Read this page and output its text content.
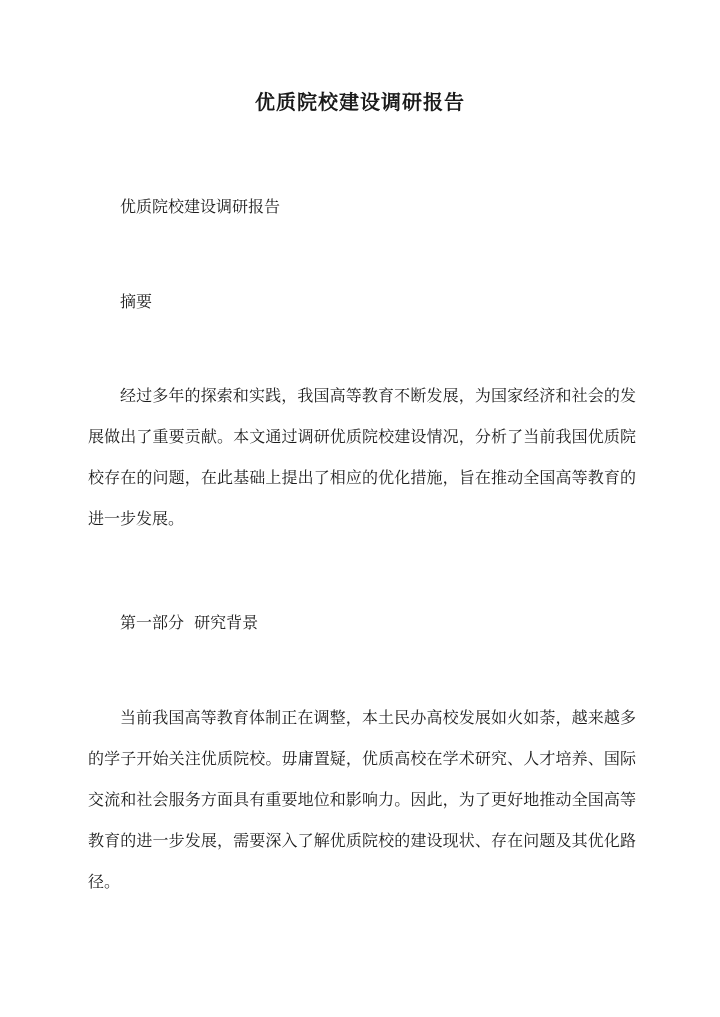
优质院校建设调研报告

优质院校建设调研报告

摘要

经过多年的探索和实践，我国高等教育不断发展，为国家经济和社会的发展做出了重要贡献。本文通过调研优质院校建设情况，分析了当前我国优质院校存在的问题，在此基础上提出了相应的优化措施，旨在推动全国高等教育的进一步发展。

第一部分  研究背景

当前我国高等教育体制正在调整，本土民办高校发展如火如荼，越来越多的学子开始关注优质院校。毋庸置疑，优质高校在学术研究、人才培养、国际交流和社会服务方面具有重要地位和影响力。因此，为了更好地推动全国高等教育的进一步发展，需要深入了解优质院校的建设现状、存在问题及其优化路径。
